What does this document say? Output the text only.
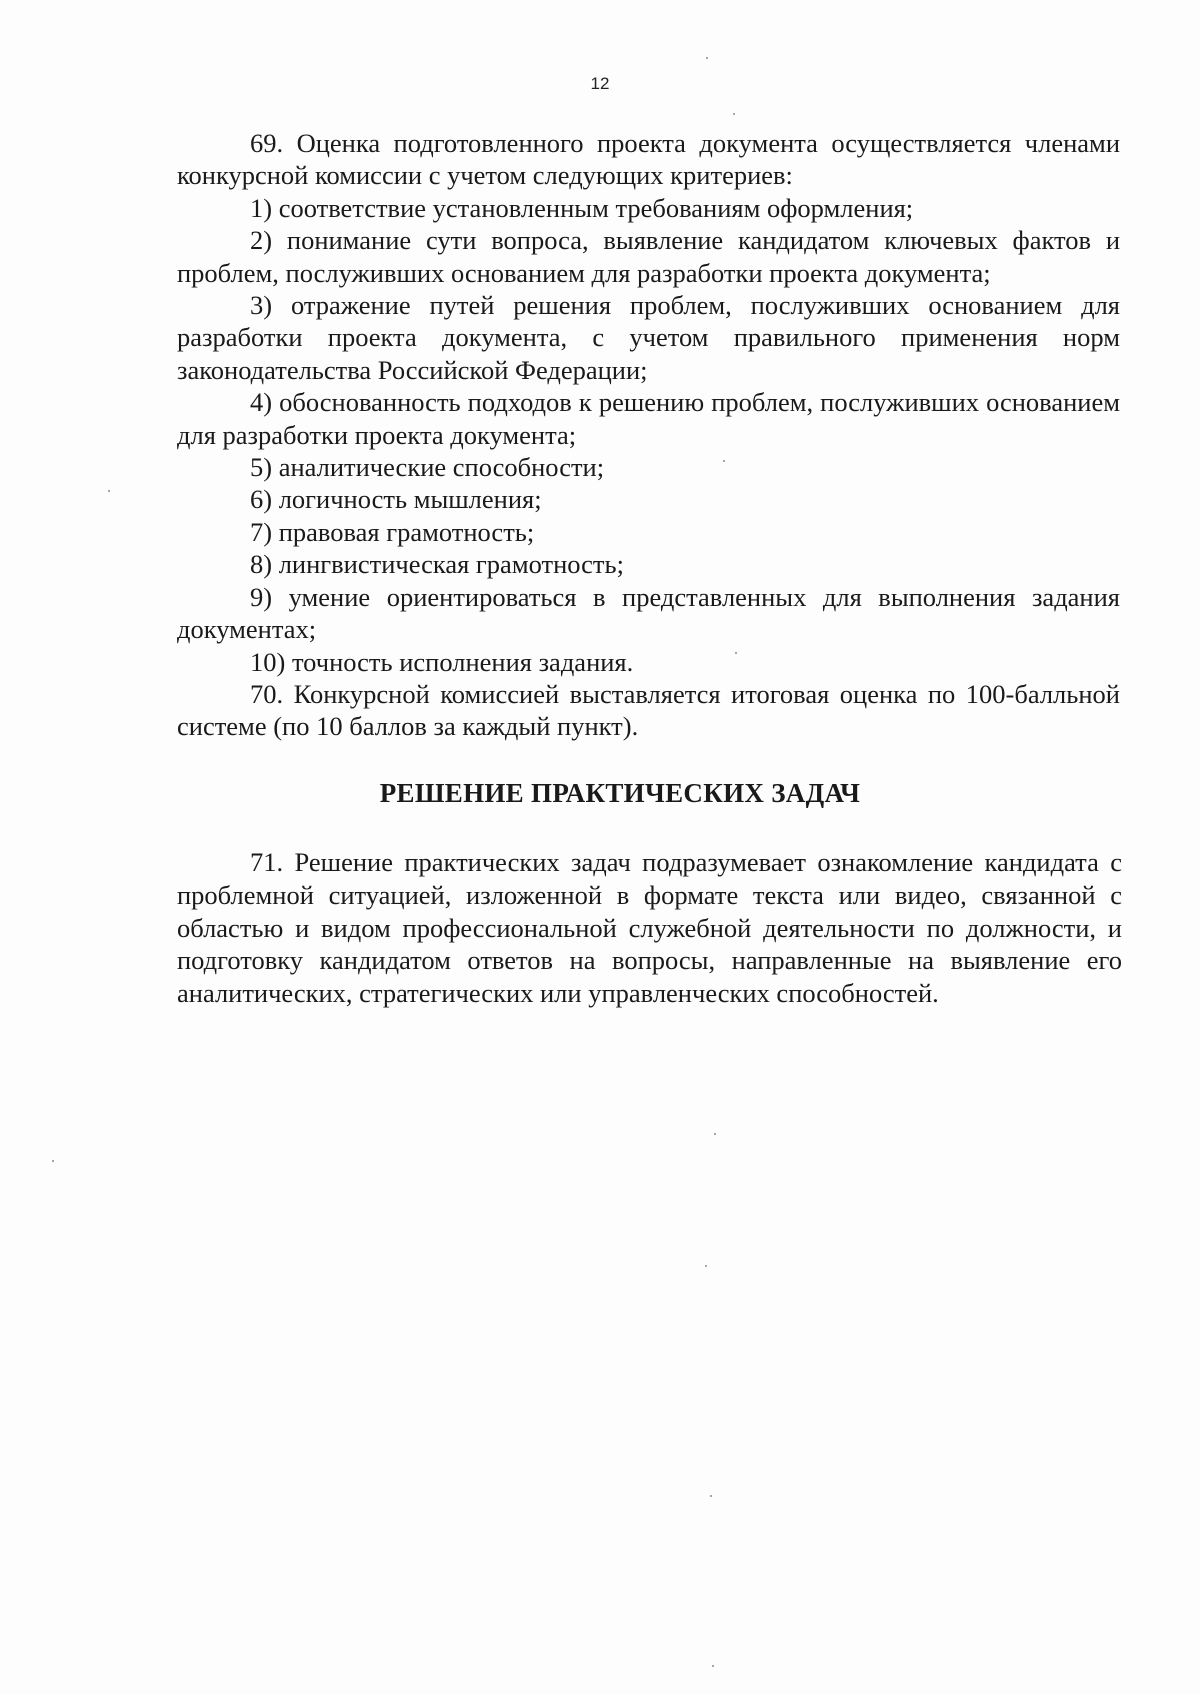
12

69. Оценка подготовленного проекта документа осуществляется членами конкурсной комиссии с учетом следующих критериев:

1) соответствие установленным требованиям оформления;

2) понимание сути вопроса, выявление кандидатом ключевых фактов и проблем, послуживших основанием для разработки проекта документа;

3) отражение путей решения проблем, послуживших основанием для разработки проекта документа, с учетом правильного применения норм законодательства Российской Федерации;

4) обоснованность подходов к решению проблем, послуживших основанием для разработки проекта документа;

5) аналитические способности;

6) логичность мышления;

7) правовая грамотность;

8) лингвистическая грамотность;

9) умение ориентироваться в представленных для выполнения задания документах;

10) точность исполнения задания.

70. Конкурсной комиссией выставляется итоговая оценка по 100-балльной системе (по 10 баллов за каждый пункт).

РЕШЕНИЕ ПРАКТИЧЕСКИХ ЗАДАЧ

71. Решение практических задач подразумевает ознакомление кандидата с проблемной ситуацией, изложенной в формате текста или видео, связанной с областью и видом профессиональной служебной деятельности по должности, и подготовку кандидатом ответов на вопросы, направленные на выявление его аналитических, стратегических или управленческих способностей.
